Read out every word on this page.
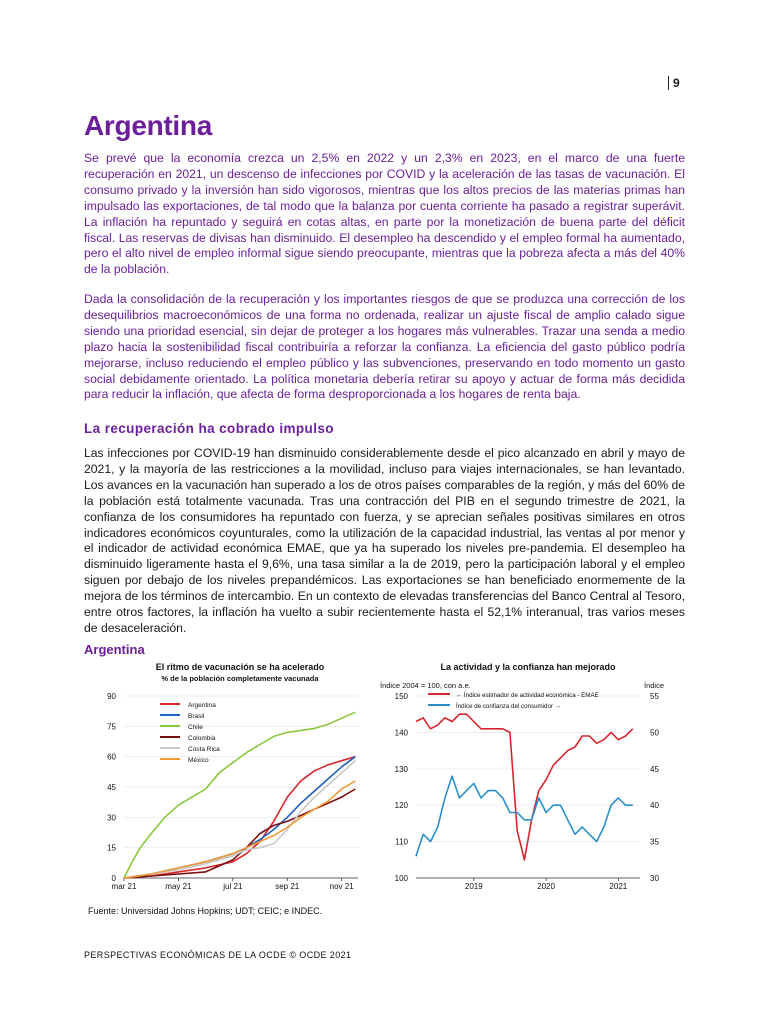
9
Argentina

Se prevé que la economía crezca un 2,5% en 2022 y un 2,3% en 2023, en el marco de una fuerte recuperación en 2021, un descenso de infecciones por COVID y la aceleración de las tasas de vacunación. El consumo privado y la inversión han sido vigorosos, mientras que los altos precios de las materias primas han impulsado las exportaciones, de tal modo que la balanza por cuenta corriente ha pasado a registrar superávit. La inflación ha repuntado y seguirá en cotas altas, en parte por la monetización de buena parte del déficit fiscal. Las reservas de divisas han disminuido. El desempleo ha descendido y el empleo formal ha aumentado, pero el alto nivel de empleo informal sigue siendo preocupante, mientras que la pobreza afecta a más del 40% de la población.

Dada la consolidación de la recuperación y los importantes riesgos de que se produzca una corrección de los desequilibrios macroeconómicos de una forma no ordenada, realizar un ajuste fiscal de amplio calado sigue siendo una prioridad esencial, sin dejar de proteger a los hogares más vulnerables. Trazar una senda a medio plazo hacia la sostenibilidad fiscal contribuiría a reforzar la confianza. La eficiencia del gasto público podría mejorarse, incluso reduciendo el empleo público y las subvenciones, preservando en todo momento un gasto social debidamente orientado. La política monetaria debería retirar su apoyo y actuar de forma más decidida para reducir la inflación, que afecta de forma desproporcionada a los hogares de renta baja.

La recuperación ha cobrado impulso

Las infecciones por COVID-19 han disminuido considerablemente desde el pico alcanzado en abril y mayo de 2021, y la mayoría de las restricciones a la movilidad, incluso para viajes internacionales, se han levantado. Los avances en la vacunación han superado a los de otros países comparables de la región, y más del 60% de la población está totalmente vacunada. Tras una contracción del PIB en el segundo trimestre de 2021, la confianza de los consumidores ha repuntado con fuerza, y se aprecian señales positivas similares en otros indicadores económicos coyunturales, como la utilización de la capacidad industrial, las ventas al por menor y el indicador de actividad económica EMAE, que ya ha superado los niveles pre-pandemia. El desempleo ha disminuido ligeramente hasta el 9,6%, una tasa similar a la de 2019, pero la participación laboral y el empleo siguen por debajo de los niveles prepandémicos. Las exportaciones se han beneficiado enormemente de la mejora de los términos de intercambio. En un contexto de elevadas transferencias del Banco Central al Tesoro, entre otros factores, la inflación ha vuelto a subir recientemente hasta el 52,1% interanual, tras varios meses de desaceleración.

Argentina
El ritmo de vacunación se ha acelerado
% de la población completamente vacunada
0
15
30
45
60
75
90
mar 21	may 21	jul 21	sep 21	nov 21
Argentina
Brasil
Chile
Colombia
Costa Rica
México
Índice 2004 = 100, con a.e.	Índice
100
110
120
130
140
150
30
35
40
45
50
55
2019	2020	2021
← Índice estimador de actividad económica - EMAE
Índice de confianza del consumidor →
La actividad y la confianza han mejorado

Fuente: Universidad Johns Hopkins; UDT; CEIC; e INDEC.

PERSPECTIVAS ECONÓMICAS DE LA OCDE © OCDE 2021
